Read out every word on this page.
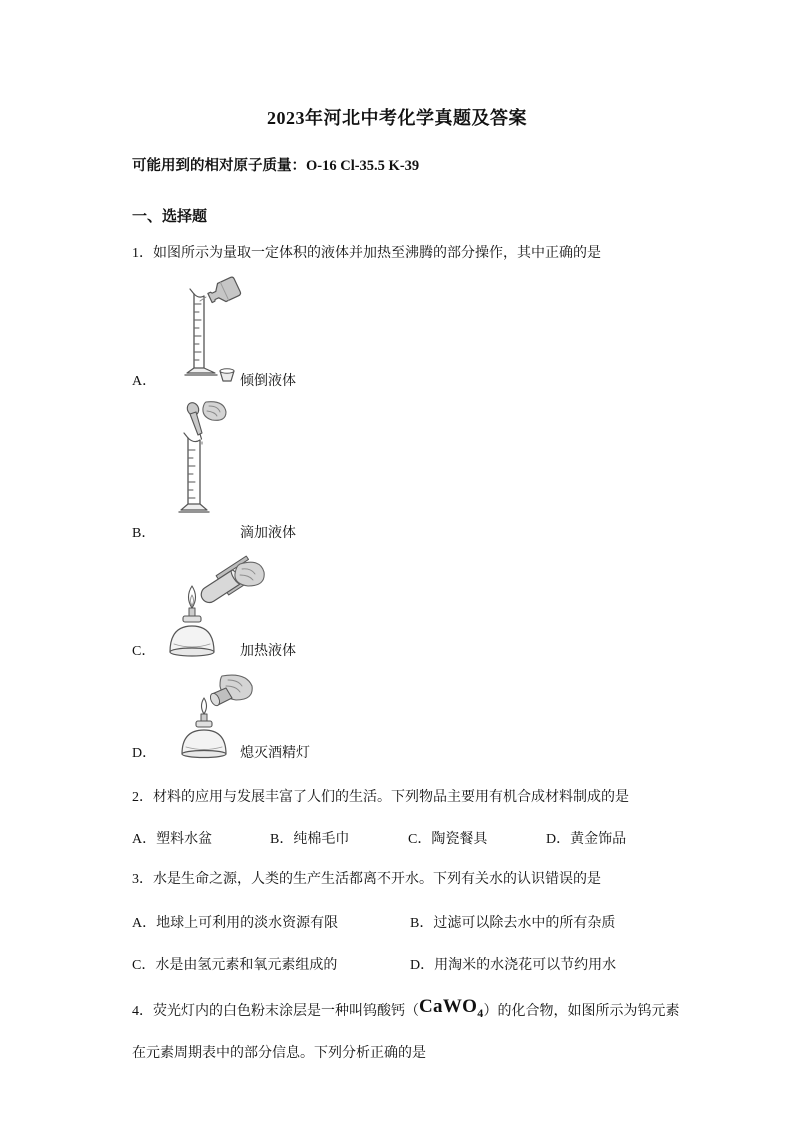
2023年河北中考化学真题及答案
可能用到的相对原子质量：O-16 Cl-35.5 K-39
一、选择题
1．如图所示为量取一定体积的液体并加热至沸腾的部分操作，其中正确的是
A．	倾倒液体
B．	滴加液体
C．	加热液体
D．	熄灭酒精灯
2．材料的应用与发展丰富了人们的生活。下列物品主要用有机合成材料制成的是
A．塑料水盆	B．纯棉毛巾	C．陶瓷餐具	D．黄金饰品
3．水是生命之源，人类的生产生活都离不开水。下列有关水的认识错误的是
A．地球上可利用的淡水资源有限	B．过滤可以除去水中的所有杂质
C．水是由氢元素和氧元素组成的	D．用淘米的水浇花可以节约用水
4．荧光灯内的白色粉末涂层是一种叫钨酸钙（CaWO$_4$）的化合物，如图所示为钨元素
在元素周期表中的部分信息。下列分析正确的是
